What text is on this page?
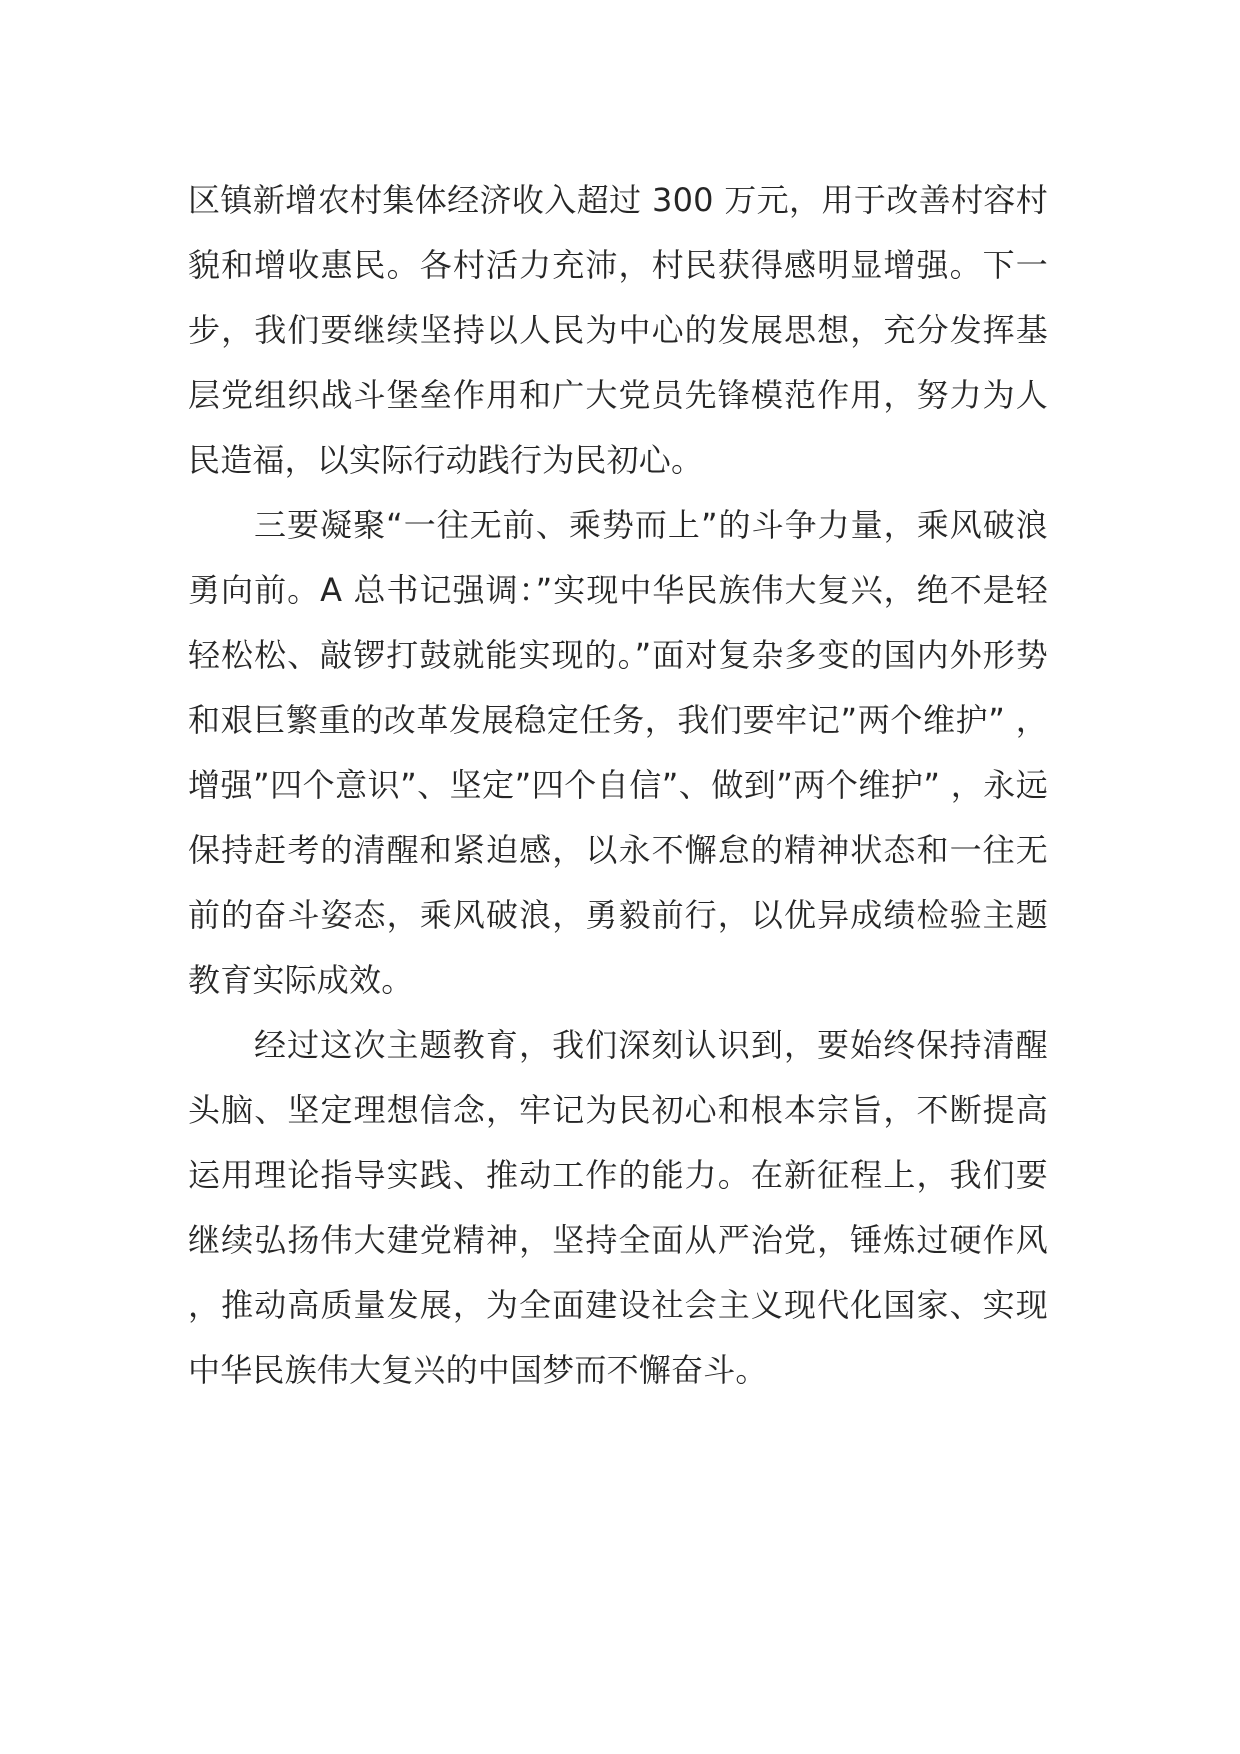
区镇新增农村集体经济收入超过 300 万元，用于改善村容村貌和增收惠民。各村活力充沛，村民获得感明显增强。下一步，我们要继续坚持以人民为中心的发展思想，充分发挥基层党组织战斗堡垒作用和广大党员先锋模范作用，努力为人民造福，以实际行动践行为民初心。

三要凝聚“一往无前、乘势而上”的斗争力量，乘风破浪勇向前。A 总书记强调：”实现中华民族伟大复兴，绝不是轻轻松松、敲锣打鼓就能实现的。”面对复杂多变的国内外形势和艰巨繁重的改革发展稳定任务，我们要牢记”两个维护” ，增强”四个意识”、坚定”四个自信”、做到”两个维护” ，永远保持赶考的清醒和紧迫感，以永不懈怠的精神状态和一往无前的奋斗姿态，乘风破浪，勇毅前行，以优异成绩检验主题教育实际成效。

经过这次主题教育，我们深刻认识到，要始终保持清醒头脑、坚定理想信念，牢记为民初心和根本宗旨，不断提高运用理论指导实践、推动工作的能力。在新征程上，我们要继续弘扬伟大建党精神，坚持全面从严治党，锤炼过硬作风，推动高质量发展，为全面建设社会主义现代化国家、实现中华民族伟大复兴的中国梦而不懈奋斗。
